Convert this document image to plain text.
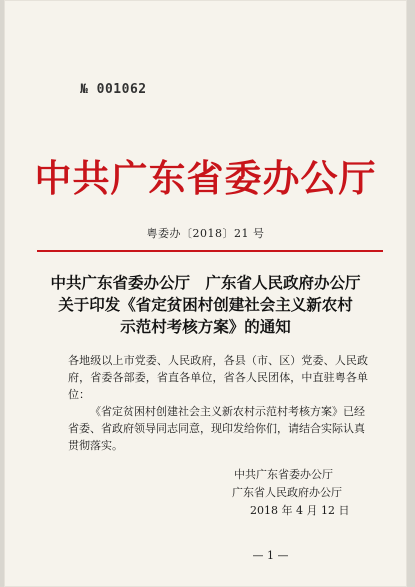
№ 001062
中共广东省委办公厅
粤委办〔2018〕21 号
中共广东省委办公厅　广东省人民政府办公厅
关于印发《省定贫困村创建社会主义新农村
示范村考核方案》的通知
各地级以上市党委、人民政府，各县（市、区）党委、人民政府，省委各部委，省直各单位，省各人民团体，中直驻粤各单位：
《省定贫困村创建社会主义新农村示范村考核方案》已经省委、省政府领导同志同意，现印发给你们，请结合实际认真贯彻落实。
中共广东省委办公厅
广东省人民政府办公厅
2018 年 4 月 12 日
— 1 —
